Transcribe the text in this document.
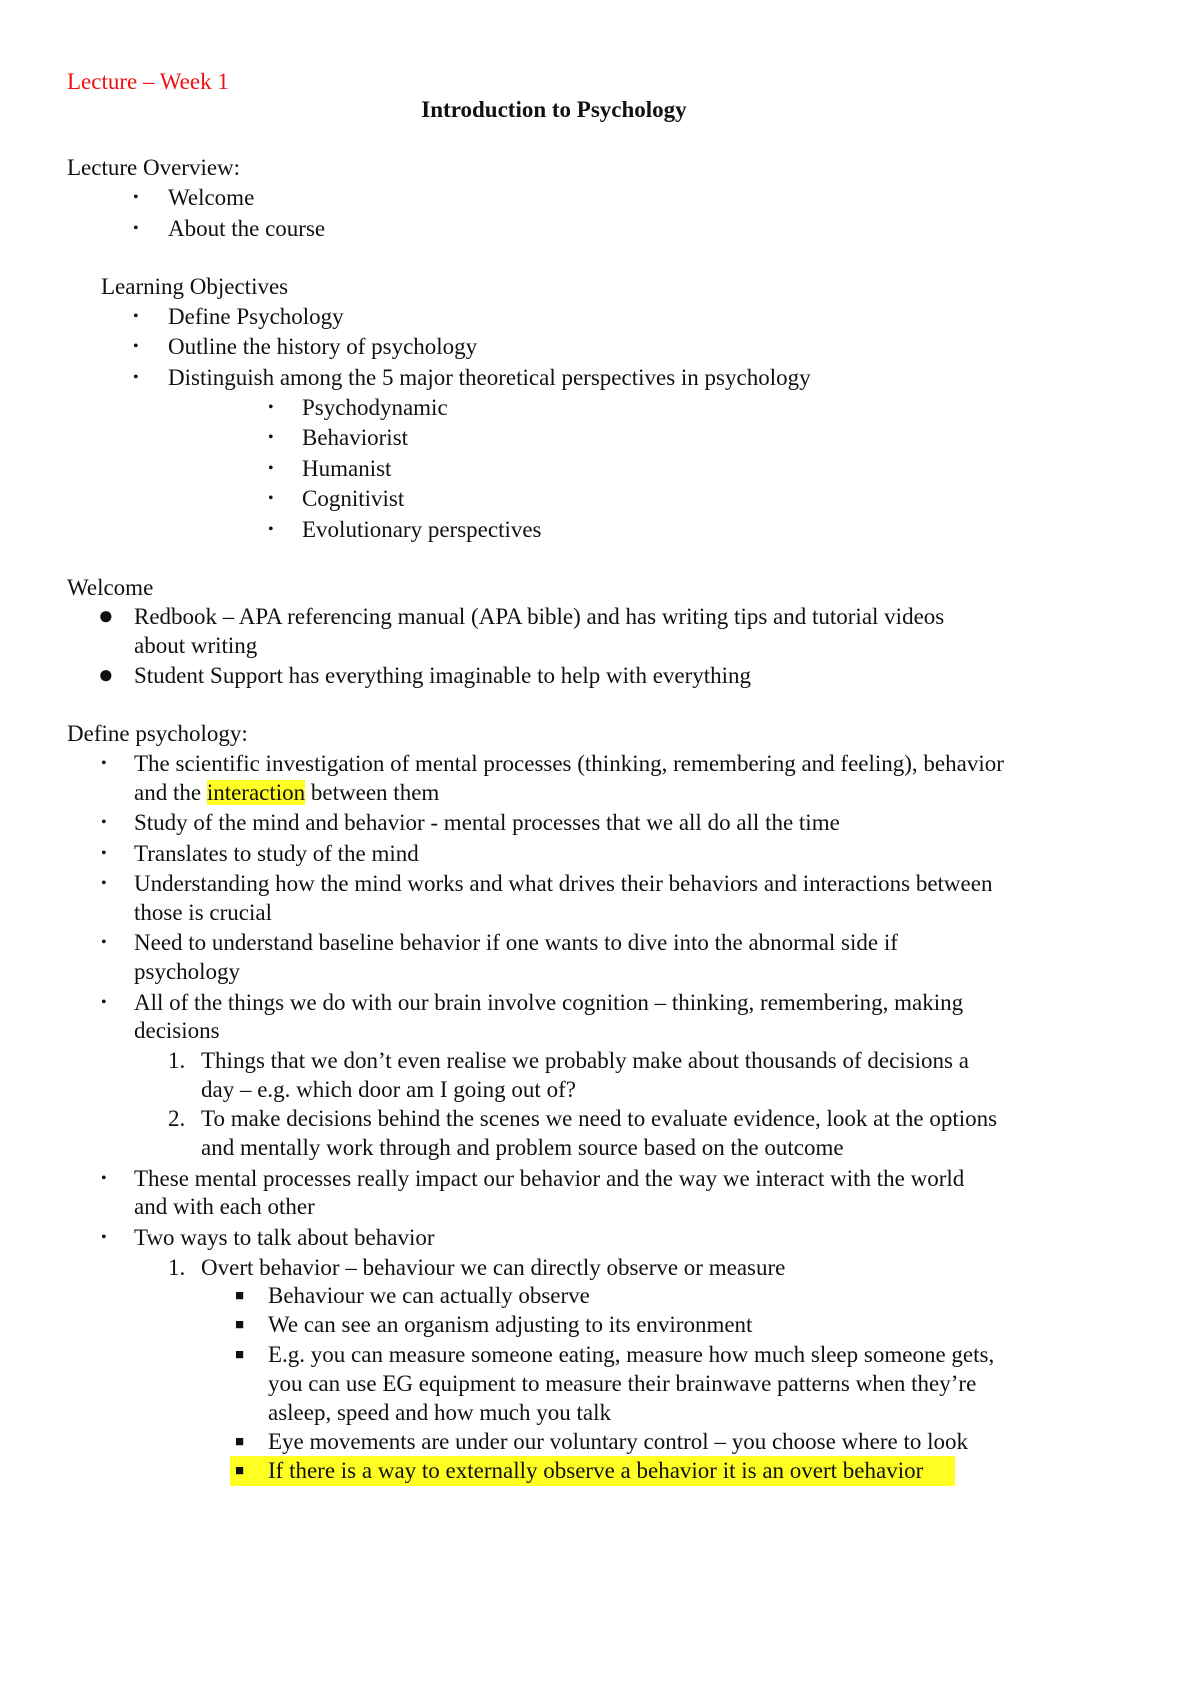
Lecture – Week 1
Introduction to Psychology
Lecture Overview:
• Welcome
• About the course
Learning Objectives
• Define Psychology
• Outline the history of psychology
• Distinguish among the 5 major theoretical perspectives in psychology
• Psychodynamic
• Behaviorist
• Humanist
• Cognitivist
• Evolutionary perspectives
Welcome
● Redbook – APA referencing manual (APA bible) and has writing tips and tutorial videos
about writing
● Student Support has everything imaginable to help with everything
Define psychology:
• The scientific investigation of mental processes (thinking, remembering and feeling), behavior
and the interaction between them
• Study of the mind and behavior - mental processes that we all do all the time
• Translates to study of the mind
• Understanding how the mind works and what drives their behaviors and interactions between
those is crucial
• Need to understand baseline behavior if one wants to dive into the abnormal side if
psychology
• All of the things we do with our brain involve cognition – thinking, remembering, making
decisions
1. Things that we don’t even realise we probably make about thousands of decisions a
day – e.g. which door am I going out of?
2. To make decisions behind the scenes we need to evaluate evidence, look at the options
and mentally work through and problem source based on the outcome
• These mental processes really impact our behavior and the way we interact with the world
and with each other
• Two ways to talk about behavior
1. Overt behavior – behaviour we can directly observe or measure
■ Behaviour we can actually observe
■ We can see an organism adjusting to its environment
■ E.g. you can measure someone eating, measure how much sleep someone gets,
you can use EG equipment to measure their brainwave patterns when they’re
asleep, speed and how much you talk
■ Eye movements are under our voluntary control – you choose where to look
■ If there is a way to externally observe a behavior it is an overt behavior
